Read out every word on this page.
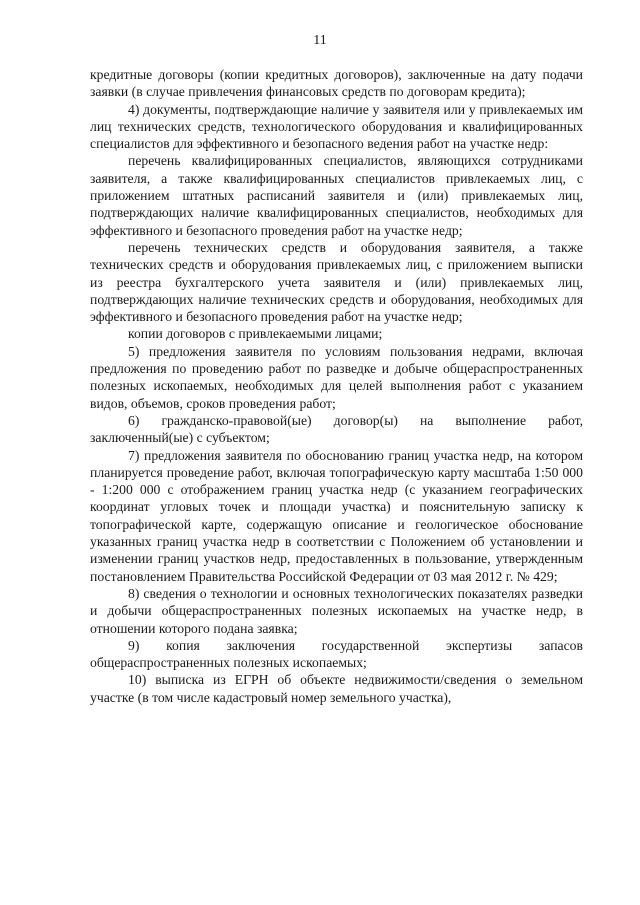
11

кредитные договоры (копии кредитных договоров), заключенные на дату подачи заявки (в случае привлечения финансовых средств по договорам кредита);

4) документы, подтверждающие наличие у заявителя или у привлекаемых им лиц технических средств, технологического оборудования и квалифицированных специалистов для эффективного и безопасного ведения работ на участке недр:

перечень квалифицированных специалистов, являющихся сотрудниками заявителя, а также квалифицированных специалистов привлекаемых лиц, с приложением штатных расписаний заявителя и (или) привлекаемых лиц, подтверждающих наличие квалифицированных специалистов, необходимых для эффективного и безопасного проведения работ на участке недр;

перечень технических средств и оборудования заявителя, а также технических средств и оборудования привлекаемых лиц, с приложением выписки из реестра бухгалтерского учета заявителя и (или) привлекаемых лиц, подтверждающих наличие технических средств и оборудования, необходимых для эффективного и безопасного проведения работ на участке недр;

копии договоров с привлекаемыми лицами;

5) предложения заявителя по условиям пользования недрами, включая предложения по проведению работ по разведке и добыче общераспространенных полезных ископаемых, необходимых для целей выполнения работ с указанием видов, объемов, сроков проведения работ;

6) гражданско-правовой(ые) договор(ы) на выполнение работ, заключенный(ые) с субъектом;

7) предложения заявителя по обоснованию границ участка недр, на котором планируется проведение работ, включая топографическую карту масштаба 1:50 000 - 1:200 000 с отображением границ участка недр (с указанием географических координат угловых точек и площади участка) и пояснительную записку к топографической карте, содержащую описание и геологическое обоснование указанных границ участка недр в соответствии с Положением об установлении и изменении границ участков недр, предоставленных в пользование, утвержденным постановлением Правительства Российской Федерации от 03 мая 2012 г. № 429;

8) сведения о технологии и основных технологических показателях разведки и добычи общераспространенных полезных ископаемых на участке недр, в отношении которого подана заявка;

9) копия заключения государственной экспертизы запасов общераспространенных полезных ископаемых;

10) выписка из ЕГРН об объекте недвижимости/сведения о земельном участке (в том числе кадастровый номер земельного участка),
